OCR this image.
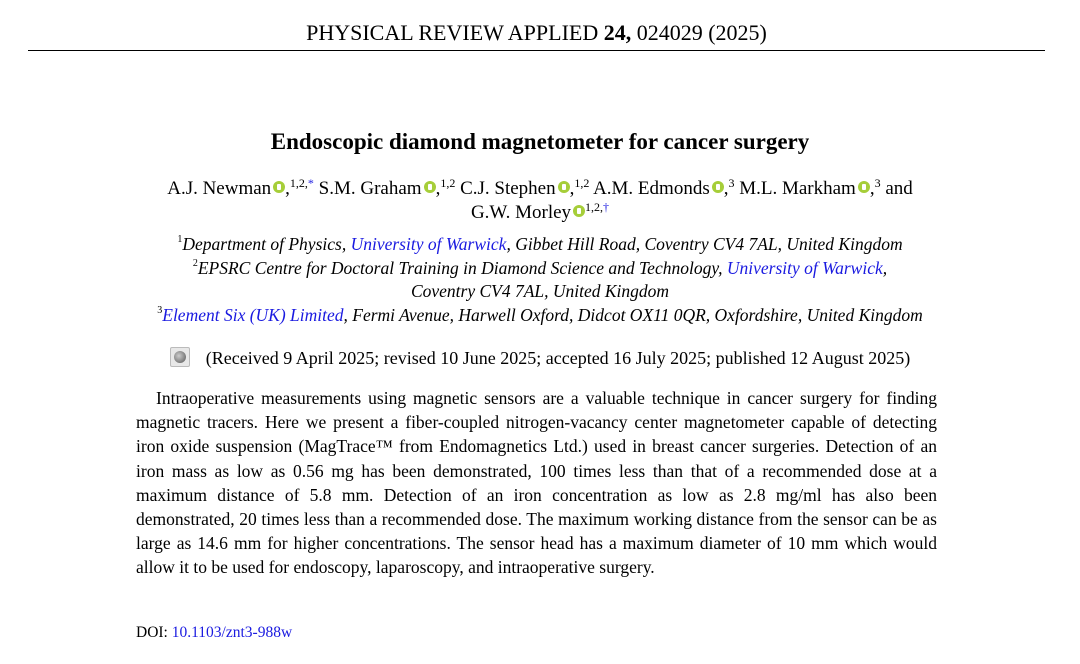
PHYSICAL REVIEW APPLIED 24, 024029 (2025)
Endoscopic diamond magnetometer for cancer surgery
A.J. Newman ,$^{1,2,*}$ S.M. Graham ,$^{1,2}$ C.J. Stephen ,$^{1,2}$ A.M. Edmonds ,$^3$ M.L. Markham ,$^3$ and
G.W. Morley $^{1,2,\dagger}$
$^1$Department of Physics, University of Warwick, Gibbet Hill Road, Coventry CV4 7AL, United Kingdom
$^2$EPSRC Centre for Doctoral Training in Diamond Science and Technology, University of Warwick,
Coventry CV4 7AL, United Kingdom
$^3$Element Six (UK) Limited, Fermi Avenue, Harwell Oxford, Didcot OX11 0QR, Oxfordshire, United Kingdom
(Received 9 April 2025; revised 10 June 2025; accepted 16 July 2025; published 12 August 2025)
Intraoperative measurements using magnetic sensors are a valuable technique in cancer surgery for finding magnetic tracers. Here we present a fiber-coupled nitrogen-vacancy center magnetometer capable of detecting iron oxide suspension (MagTrace™ from Endomagnetics Ltd.) used in breast cancer surgeries. Detection of an iron mass as low as 0.56 mg has been demonstrated, 100 times less than that of a recommended dose at a maximum distance of 5.8 mm. Detection of an iron concentration as low as 2.8 mg/ml has also been demonstrated, 20 times less than a recommended dose. The maximum working distance from the sensor can be as large as 14.6 mm for higher concentrations. The sensor head has a maximum diameter of 10 mm which would allow it to be used for endoscopy, laparoscopy, and intraoperative surgery.
DOI: 10.1103/znt3-988w
